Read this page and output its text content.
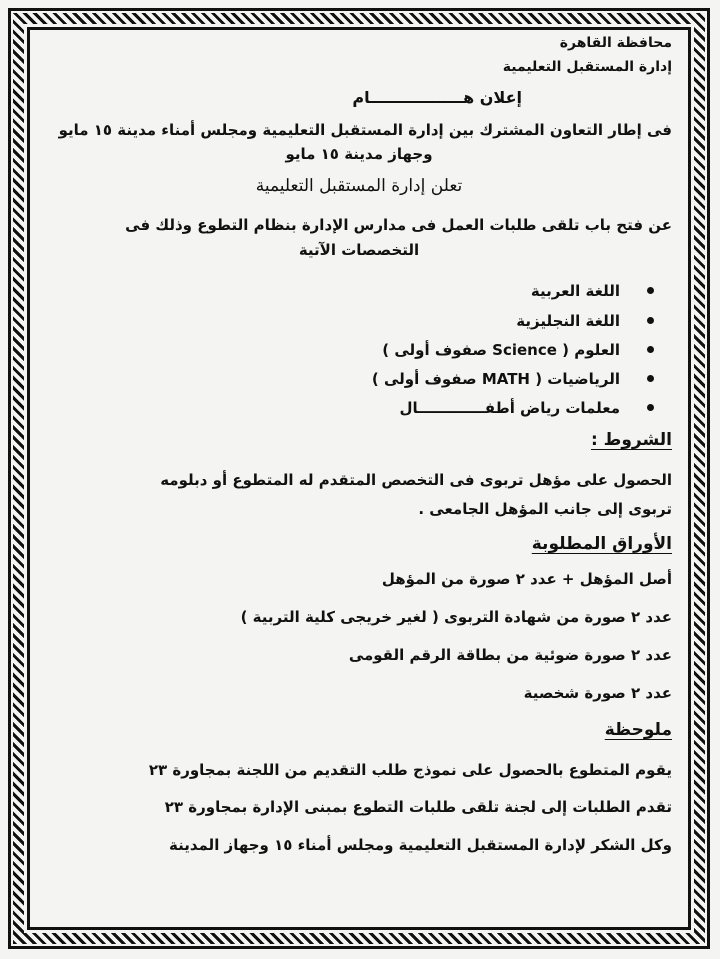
محافظة القاهرة
إدارة المستقبل التعليمية
إعلان هـــــــــــــــــام
فى إطار التعاون المشترك بين إدارة المستقبل التعليمية ومجلس أمناء مدينة ١٥ مايو
وجهاز مدينة ١٥ مايو
تعلن إدارة المستقبل التعليمية
عن فتح باب تلقى طلبات العمل فى مدارس الإدارة بنظام التطوع وذلك فى
التخصصات الآتية
اللغة العربية
اللغة النجليزية
العلوم ( Science صفوف أولى )
الرياضيات ( MATH صفوف أولى )
معلمات رياض أطفـــــــــــــال
الشروط :
الحصول على مؤهل تربوى فى التخصص المتقدم له المتطوع أو دبلومه
تربوى إلى جانب المؤهل الجامعى .
الأوراق المطلوبة
أصل المؤهل + عدد ٢ صورة من المؤهل
عدد ٢ صورة من شهادة التربوى ( لغير خريجى كلية التربية )
عدد ٢ صورة ضوئية من بطاقة الرقم القومى
عدد ٢ صورة شخصية
ملوحظة
يقوم المتطوع بالحصول على نموذج طلب التقديم من اللجنة بمجاورة ٢٣
تقدم الطلبات إلى لجنة تلقى طلبات التطوع بمبنى الإدارة بمجاورة ٢٣
وكل الشكر لإدارة المستقبل التعليمية ومجلس أمناء ١٥ وجهاز المدينة
